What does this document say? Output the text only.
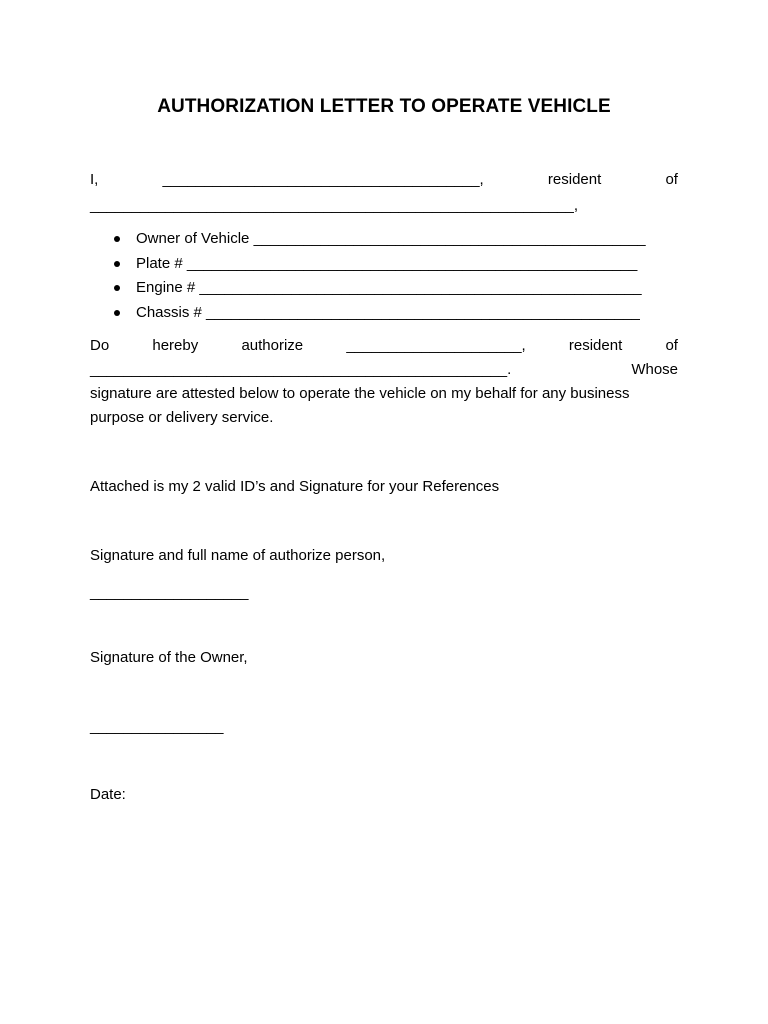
AUTHORIZATION LETTER TO OPERATE VEHICLE
I,	______________________________________,	resident	of
__________________________________________________________,
Owner of Vehicle _______________________________________________
Plate # ______________________________________________________
Engine # _____________________________________________________
Chassis # ____________________________________________________
Do	hereby	authorize	_____________________,	resident	of
__________________________________________________.	Whose
signature are attested below to operate the vehicle on my behalf for any business
purpose or delivery service.
Attached is my 2 valid ID’s and Signature for your References
Signature and full name of authorize person,
___________________
Signature of the Owner,
________________
Date:
